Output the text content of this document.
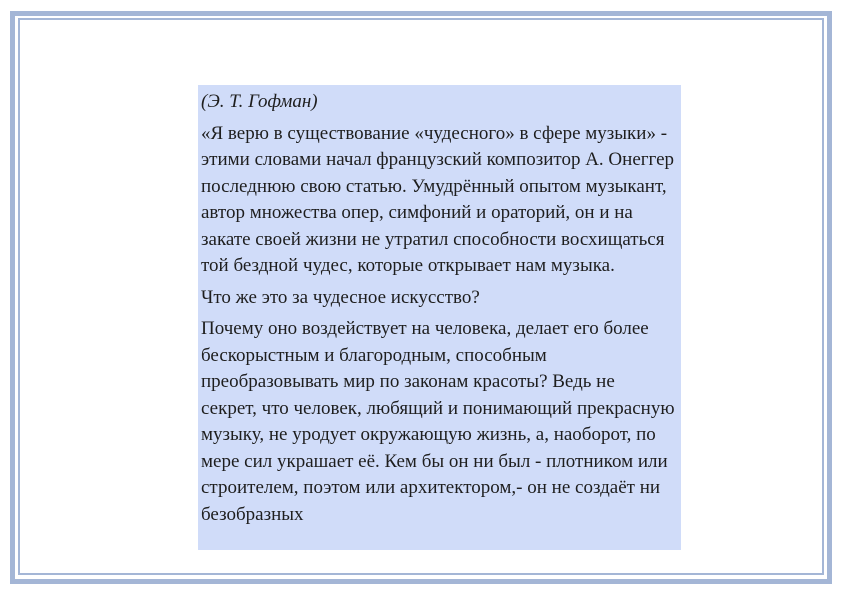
(Э. Т. Гофман)

«Я верю в существование «чудесного» в сфере музыки» - этими словами начал французский композитор А. Онеггер последнюю свою статью. Умудрённый опытом музыкант, автор множества опер, симфоний и ораторий, он и на закате своей жизни не утратил способности восхищаться той бездной чудес, которые открывает нам музыка.

Что же это за чудесное искусство?

Почему оно воздействует на человека, делает его более бескорыстным и благородным, способным преобразовывать мир по законам красоты? Ведь не секрет, что человек, любящий и понимающий прекрасную музыку, не уродует окружающую жизнь, а, наоборот, по мере сил украшает её. Кем бы он ни был - плотником или строителем, поэтом или архитектором,- он не создаёт ни безобразных
